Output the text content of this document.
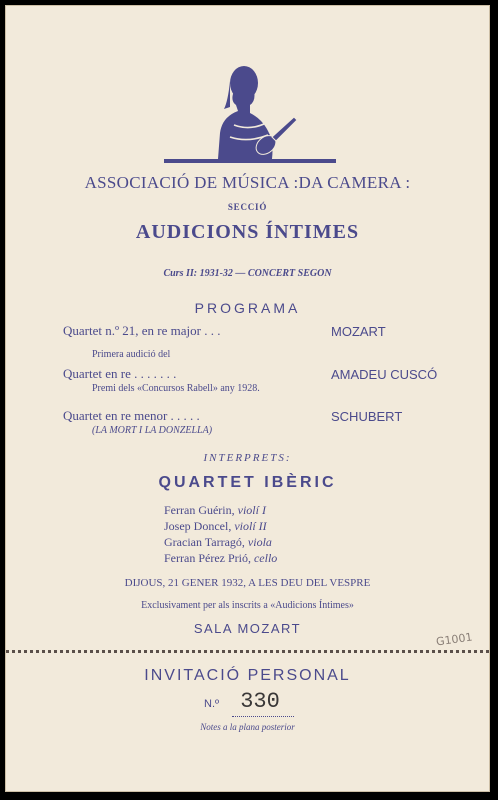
ASSOCIACIÓ DE MÚSICA :DA CAMERA :
SECCIÓ
AUDICIONS ÍNTIMES
Curs II: 1931-32 — CONCERT SEGON
PROGRAMA
Quartet n.º 21, en re major . . .	MOZART
Primera audició del
Quartet en re . . . . . . .	AMADEU CUSCÓ
Premi dels «Concursos Rabell» any 1928.
Quartet en re menor . . . . .	SCHUBERT
(LA MORT I LA DONZELLA)
INTERPRETS:
QUARTET IBÈRIC
Ferran Guérin, violí I
Josep Doncel, violí II
Gracian Tarragó, viola
Ferran Pérez Prió, cello
DIJOUS, 21 GENER 1932, A LES DEU DEL VESPRE
Exclusivament per als inscrits a «Audicions Íntimes»
SALA MOZART
G1001
INVITACIÓ PERSONAL
N.º 330
Notes a la plana posterior
